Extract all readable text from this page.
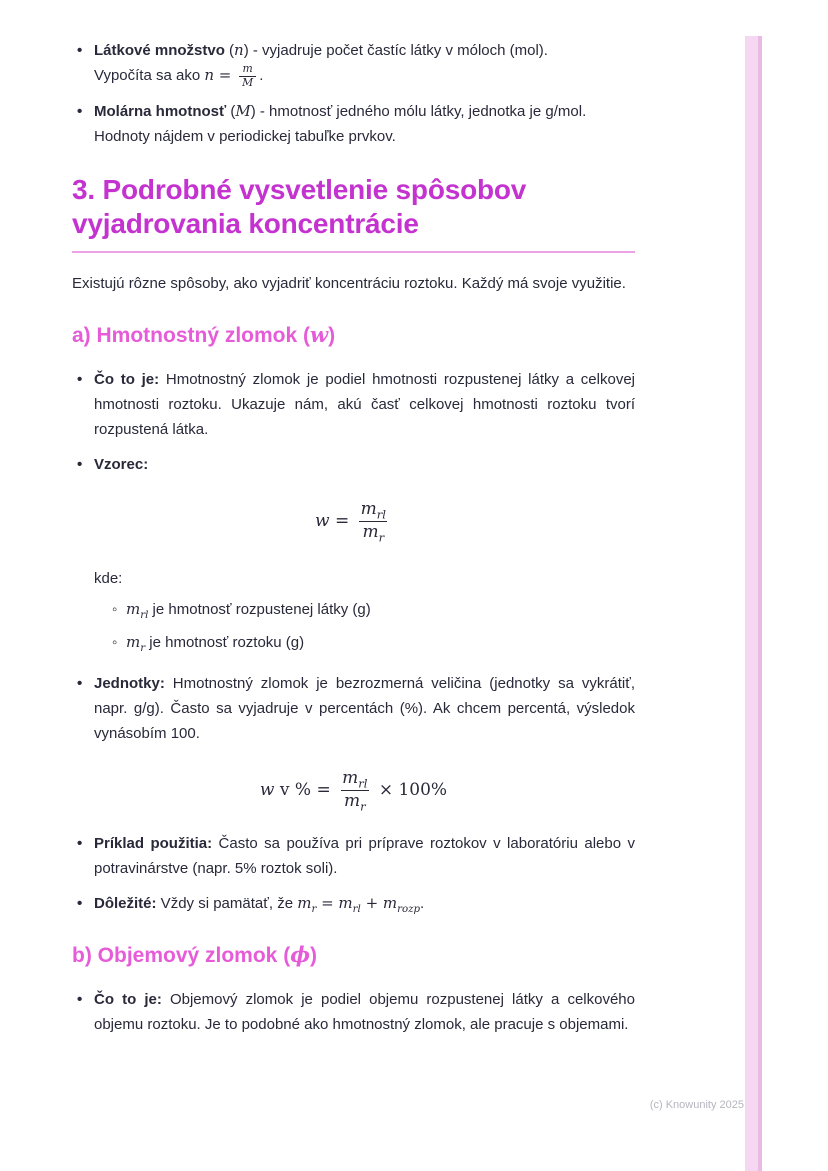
• Látkové množstvo (n) - vyjadruje počet častíc látky v móloch (mol).
Vypočíta sa ako $n = \frac{m}{M}$ .
• Molárna hmotnosť (M) - hmotnosť jedného mólu látky, jednotka je g/mol.
Hodnoty nájdem v periodickej tabuľke prvkov.
3. Podrobné vysvetlenie spôsobov vyjadrovania koncentrácie

Existujú rôzne spôsoby, ako vyjadriť koncentráciu roztoku. Každý má svoje využitie.

a) Hmotnostný zlomok (w)
• Čo to je: Hmotnostný zlomok je podiel hmotnosti rozpustenej látky a celkovej hmotnosti roztoku. Ukazuje nám, akú časť celkovej hmotnosti roztoku tvorí rozpustená látka.
• Vzorec:
$w = \frac{m_{rl}}{m_r}$
kde:
◦ $m_{rl}$ je hmotnosť rozpustenej látky (g)
◦ $m_r$ je hmotnosť roztoku (g)
• Jednotky: Hmotnostný zlomok je bezrozmerná veličina (jednotky sa vykrátiť, napr. g/g). Často sa vyjadruje v percentách (%). Ak chcem percentá, výsledok vynásobím 100.
w v % = $\frac{m_{rl}}{m_r} \times 100\%$
• Príklad použitia: Často sa používa pri príprave roztokov v laboratóriu alebo v potravinárstve (napr. 5% roztok soli).
• Dôležité: Vždy si pamätať, že $m_r = m_{rl} + m_{rozp}$.
b) Objemový zlomok (ϕ)
• Čo to je: Objemový zlomok je podiel objemu rozpustenej látky a celkového objemu roztoku. Je to podobné ako hmotnostný zlomok, ale pracuje s objemami.
(c) Knowunity 2025
